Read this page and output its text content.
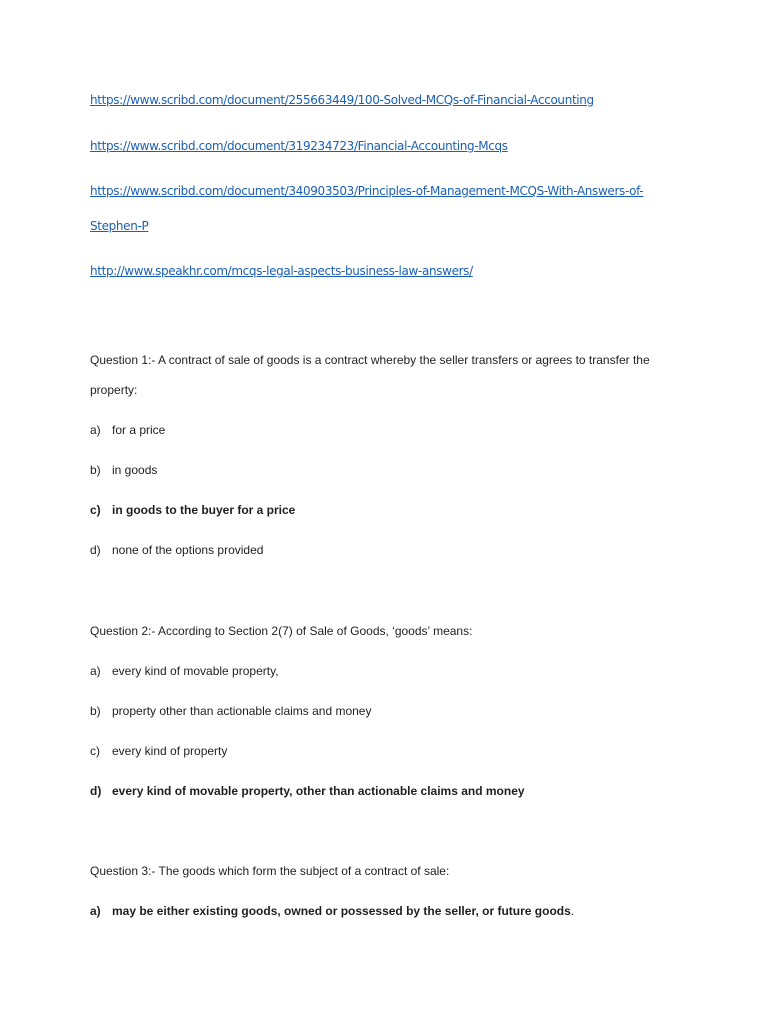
https://www.scribd.com/document/255663449/100-Solved-MCQs-of-Financial-Accounting
https://www.scribd.com/document/319234723/Financial-Accounting-Mcqs
https://www.scribd.com/document/340903503/Principles-of-Management-MCQS-With-Answers-of-
Stephen-P
http://www.speakhr.com/mcqs-legal-aspects-business-law-answers/
Question 1:- A contract of sale of goods is a contract whereby the seller transfers or agrees to transfer the
property:
a) for a price
b) in goods
c) in goods to the buyer for a price
d) none of the options provided
Question 2:- According to Section 2(7) of Sale of Goods, ‘goods’ means:
a) every kind of movable property,
b) property other than actionable claims and money
c) every kind of property
d) every kind of movable property, other than actionable claims and money
Question 3:- The goods which form the subject of a contract of sale:
a) may be either existing goods, owned or possessed by the seller, or future goods.
